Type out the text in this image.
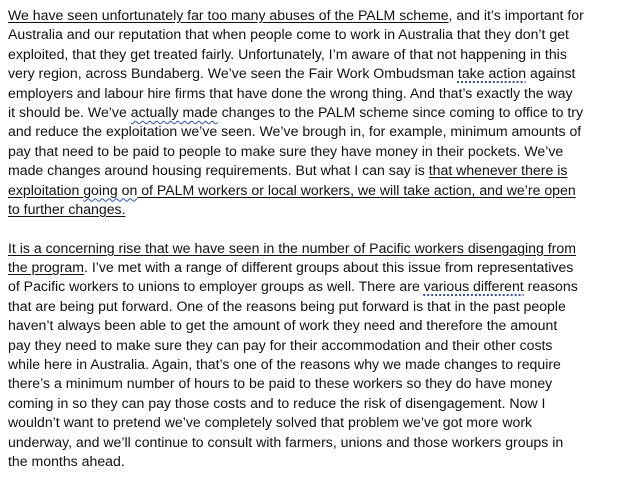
We have seen unfortunately far too many abuses of the PALM scheme, and it’s important for
Australia and our reputation that when people come to work in Australia that they don’t get
exploited, that they get treated fairly. Unfortunately, I’m aware of that not happening in this
very region, across Bundaberg. We’ve seen the Fair Work Ombudsman take action against
employers and labour hire firms that have done the wrong thing. And that’s exactly the way
it should be. We’ve actually made changes to the PALM scheme since coming to office to try
and reduce the exploitation we’ve seen. We’ve brough in, for example, minimum amounts of
pay that need to be paid to people to make sure they have money in their pockets. We’ve
made changes around housing requirements. But what I can say is that whenever there is
exploitation going on of PALM workers or local workers, we will take action, and we’re open
to further changes.
It is a concerning rise that we have seen in the number of Pacific workers disengaging from
the program. I’ve met with a range of different groups about this issue from representatives
of Pacific workers to unions to employer groups as well. There are various different reasons
that are being put forward. One of the reasons being put forward is that in the past people
haven’t always been able to get the amount of work they need and therefore the amount
pay they need to make sure they can pay for their accommodation and their other costs
while here in Australia. Again, that’s one of the reasons why we made changes to require
there’s a minimum number of hours to be paid to these workers so they do have money
coming in so they can pay those costs and to reduce the risk of disengagement. Now I
wouldn’t want to pretend we’ve completely solved that problem we’ve got more work
underway, and we’ll continue to consult with farmers, unions and those workers groups in
the months ahead.
